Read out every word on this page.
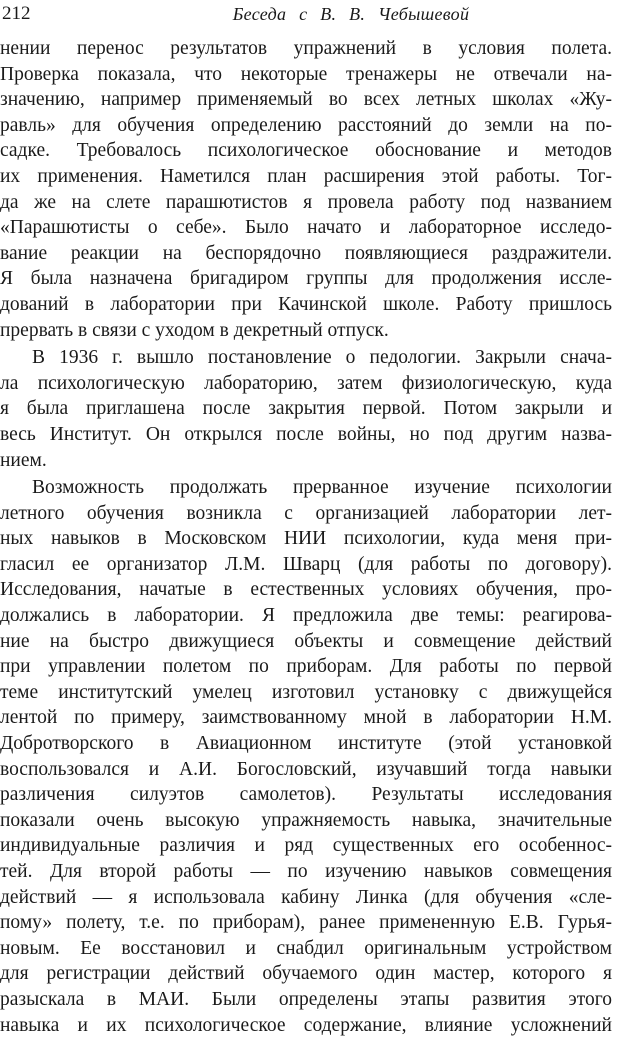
212	Беседа с В. В. Чебышевой

нении перенос результатов упражнений в условия полета.
Проверка показала, что некоторые тренажеры не отвечали на-
значению, например применяемый во всех летных школах «Жу-
равль» для обучения определению расстояний до земли на по-
садке. Требовалось психологическое обоснование и методов
их применения. Наметился план расширения этой работы. Тог-
да же на слете парашютистов я провела работу под названием
«Парашютисты о себе». Было начато и лабораторное исследо-
вание реакции на беспорядочно появляющиеся раздражители.
Я была назначена бригадиром группы для продолжения иссле-
дований в лаборатории при Качинской школе. Работу пришлось
прервать в связи с уходом в декретный отпуск.

В 1936 г. вышло постановление о педологии. Закрыли снача-
ла психологическую лабораторию, затем физиологическую, куда
я была приглашена после закрытия первой. Потом закрыли и
весь Институт. Он открылся после войны, но под другим назва-
нием.

Возможность продолжать прерванное изучение психологии
летного обучения возникла с организацией лаборатории лет-
ных навыков в Московском НИИ психологии, куда меня при-
гласил ее организатор Л.М. Шварц (для работы по договору).
Исследования, начатые в естественных условиях обучения, про-
должались в лаборатории. Я предложила две темы: реагирова-
ние на быстро движущиеся объекты и совмещение действий
при управлении полетом по приборам. Для работы по первой
теме институтский умелец изготовил установку с движущейся
лентой по примеру, заимствованному мной в лаборатории Н.М.
Добротворского в Авиационном институте (этой установкой
воспользовался и А.И. Богословский, изучавший тогда навыки
различения силуэтов самолетов). Результаты исследования
показали очень высокую упражняемость навыка, значительные
индивидуальные различия и ряд существенных его особеннос-
тей. Для второй работы — по изучению навыков совмещения
действий — я использовала кабину Линка (для обучения «сле-
пому» полету, т.е. по приборам), ранее примененную Е.В. Гурья-
новым. Ее восстановил и снабдил оригинальным устройством
для регистрации действий обучаемого один мастер, которого я
разыскала в МАИ. Были определены этапы развития этого
навыка и их психологическое содержание, влияние усложнений
